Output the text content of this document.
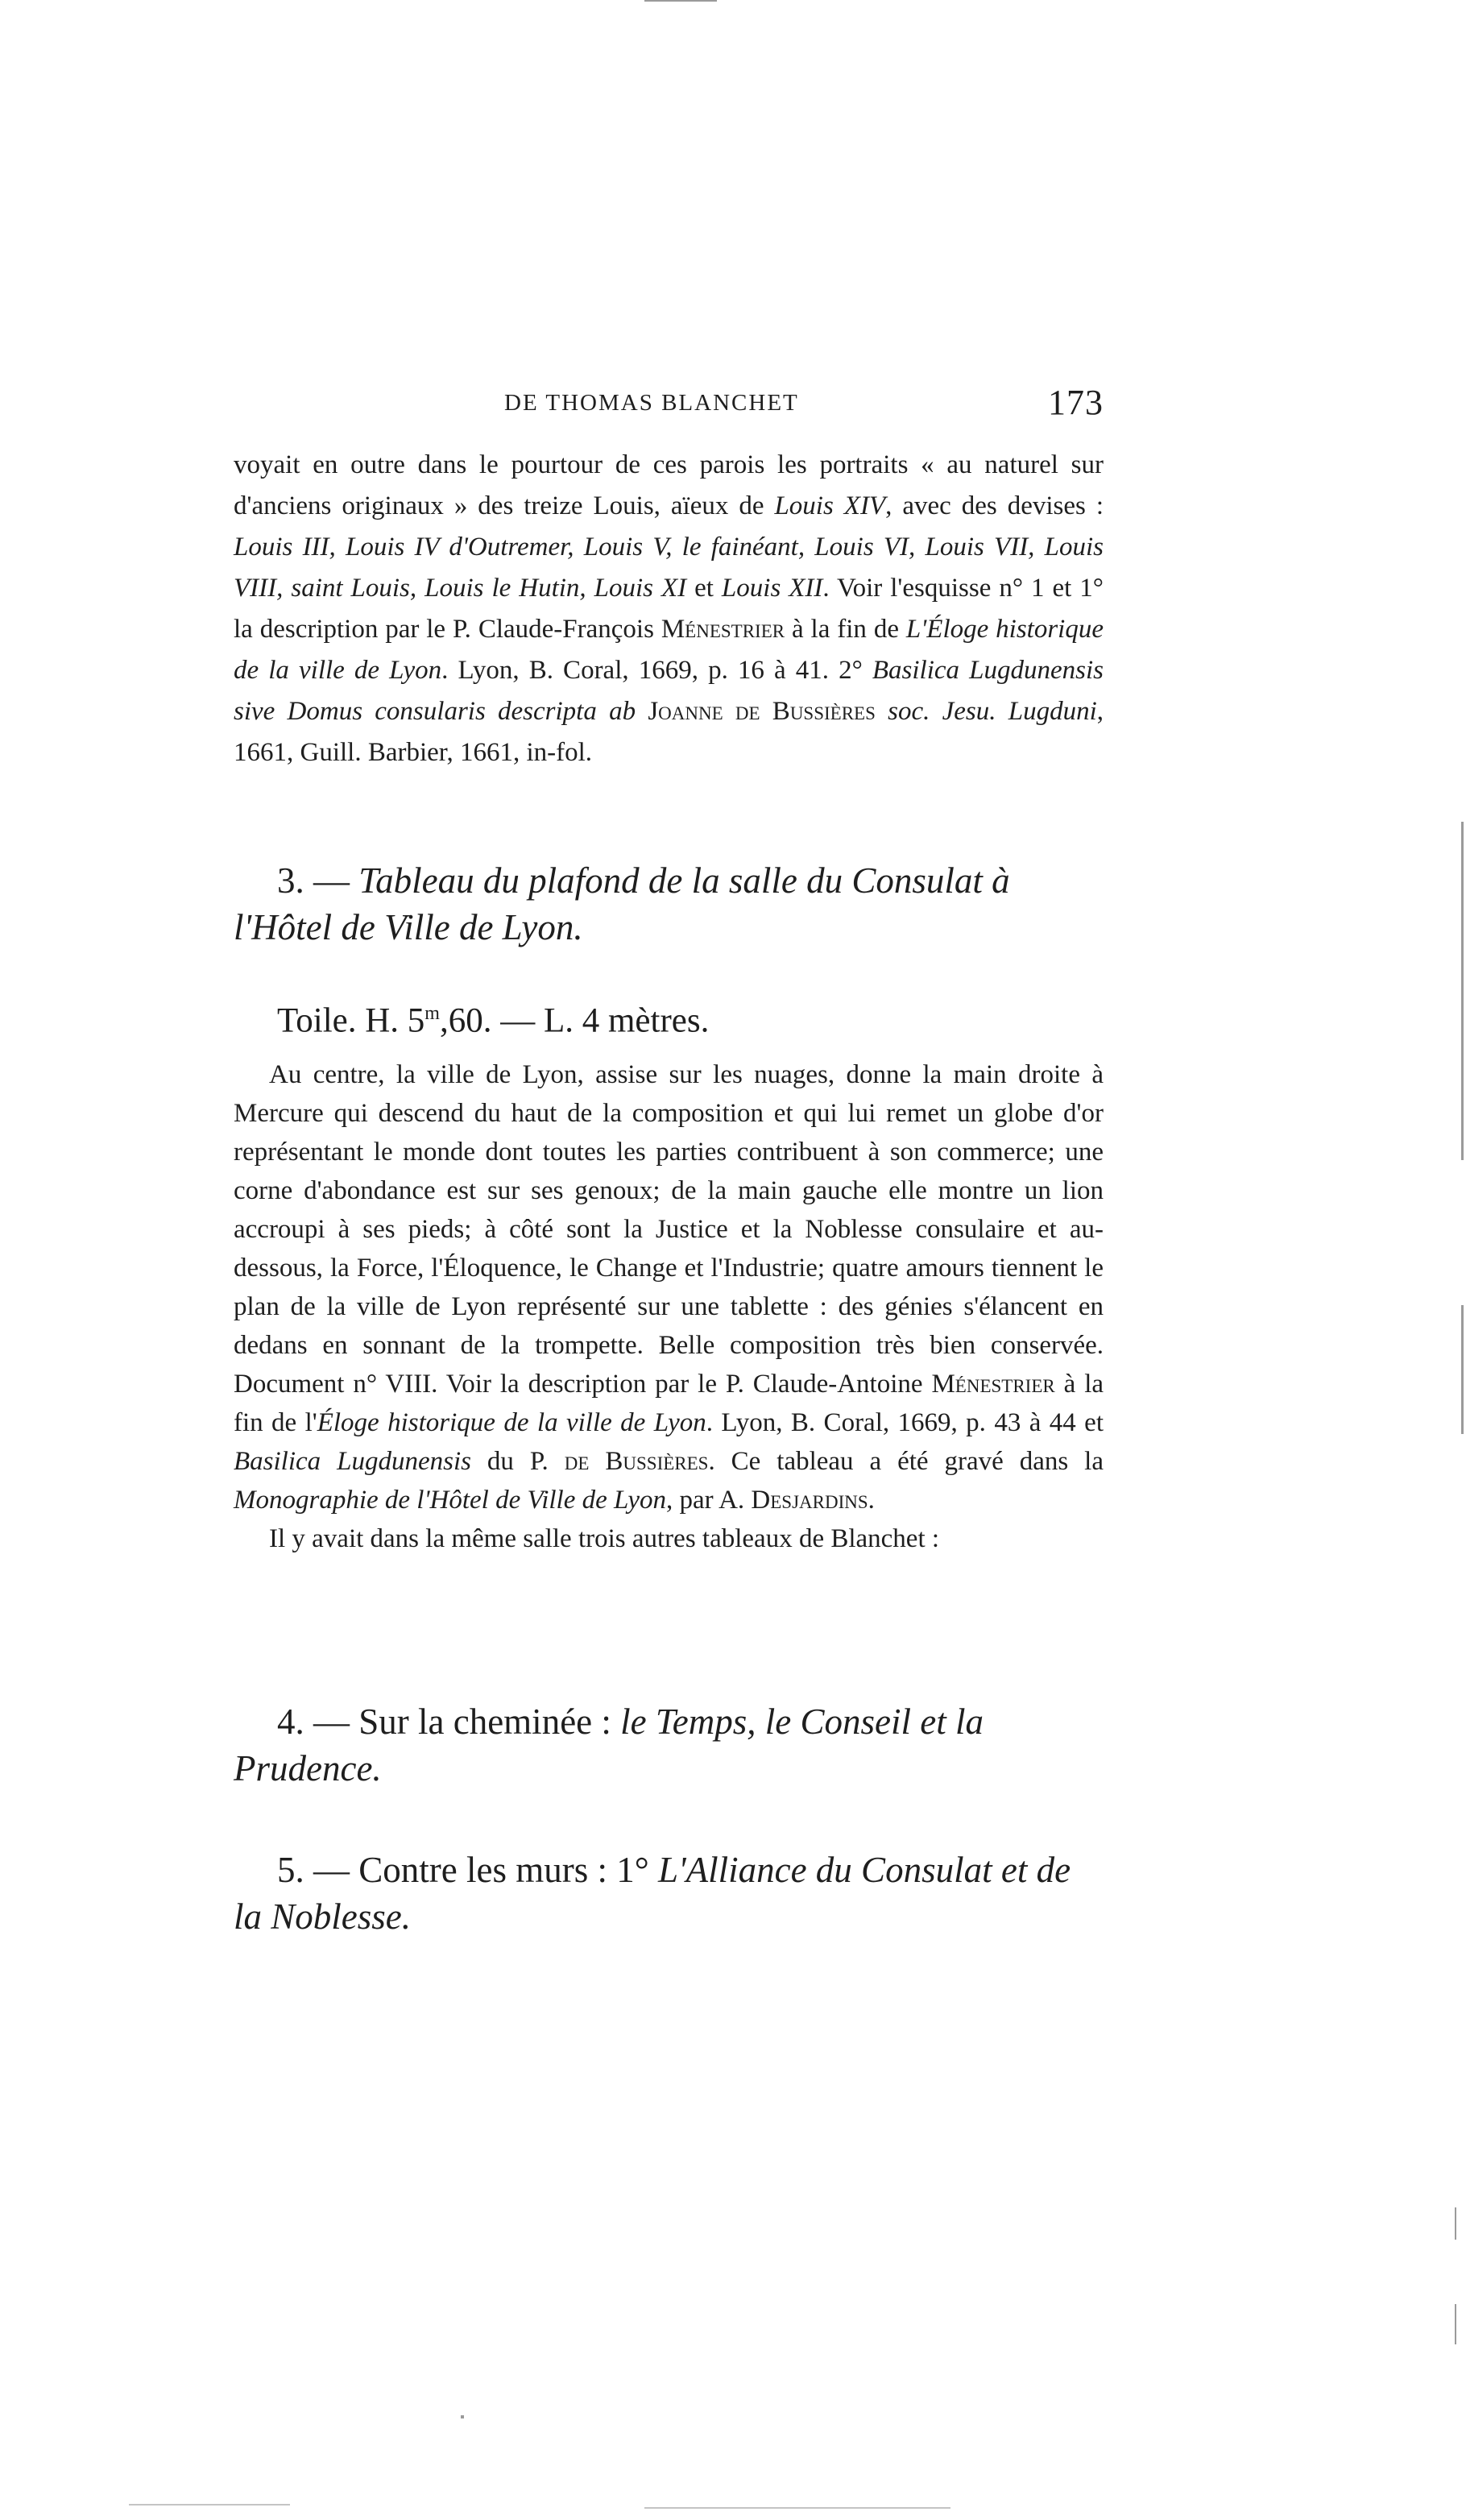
DE THOMAS BLANCHET	173

voyait en outre dans le pourtour de ces parois les portraits « au naturel sur d'anciens originaux » des treize Louis, aïeux de Louis XIV, avec des devises : Louis III, Louis IV d'Outremer, Louis V, le fainéant, Louis VI, Louis VII, Louis VIII, saint Louis, Louis le Hutin, Louis XI et Louis XII. Voir l'esquisse n° 1 et 1° la description par le P. Claude-François Ménestrier à la fin de L'Éloge historique de la ville de Lyon. Lyon, B. Coral, 1669, p. 16 à 41. 2° Basilica Lugdunensis sive Domus consularis descripta ab Joanne de Bussières soc. Jesu. Lugduni, 1661, Guill. Barbier, 1661, in-fol.

3. — Tableau du plafond de la salle du Consulat à l'Hôtel de Ville de Lyon.

Toile. H. 5$^m$,60. — L. 4 mètres.

Au centre, la ville de Lyon, assise sur les nuages, donne la main droite à Mercure qui descend du haut de la composition et qui lui remet un globe d'or représentant le monde dont toutes les parties contribuent à son commerce; une corne d'abondance est sur ses genoux; de la main gauche elle montre un lion accroupi à ses pieds; à côté sont la Justice et la Noblesse consulaire et au-dessous, la Force, l'Éloquence, le Change et l'Industrie; quatre amours tiennent le plan de la ville de Lyon représenté sur une tablette : des génies s'élancent en dedans en sonnant de la trompette. Belle composition très bien conservée. Document n° VIII. Voir la description par le P. Claude-Antoine Ménestrier à la fin de l'Éloge historique de la ville de Lyon. Lyon, B. Coral, 1669, p. 43 à 44 et Basilica Lugdunensis du P. de Bussières. Ce tableau a été gravé dans la Monographie de l'Hôtel de Ville de Lyon, par A. Desjardins.

Il y avait dans la même salle trois autres tableaux de Blanchet :

4. — Sur la cheminée : le Temps, le Conseil et la Prudence.

5. — Contre les murs : 1° L'Alliance du Consulat et de la Noblesse.
